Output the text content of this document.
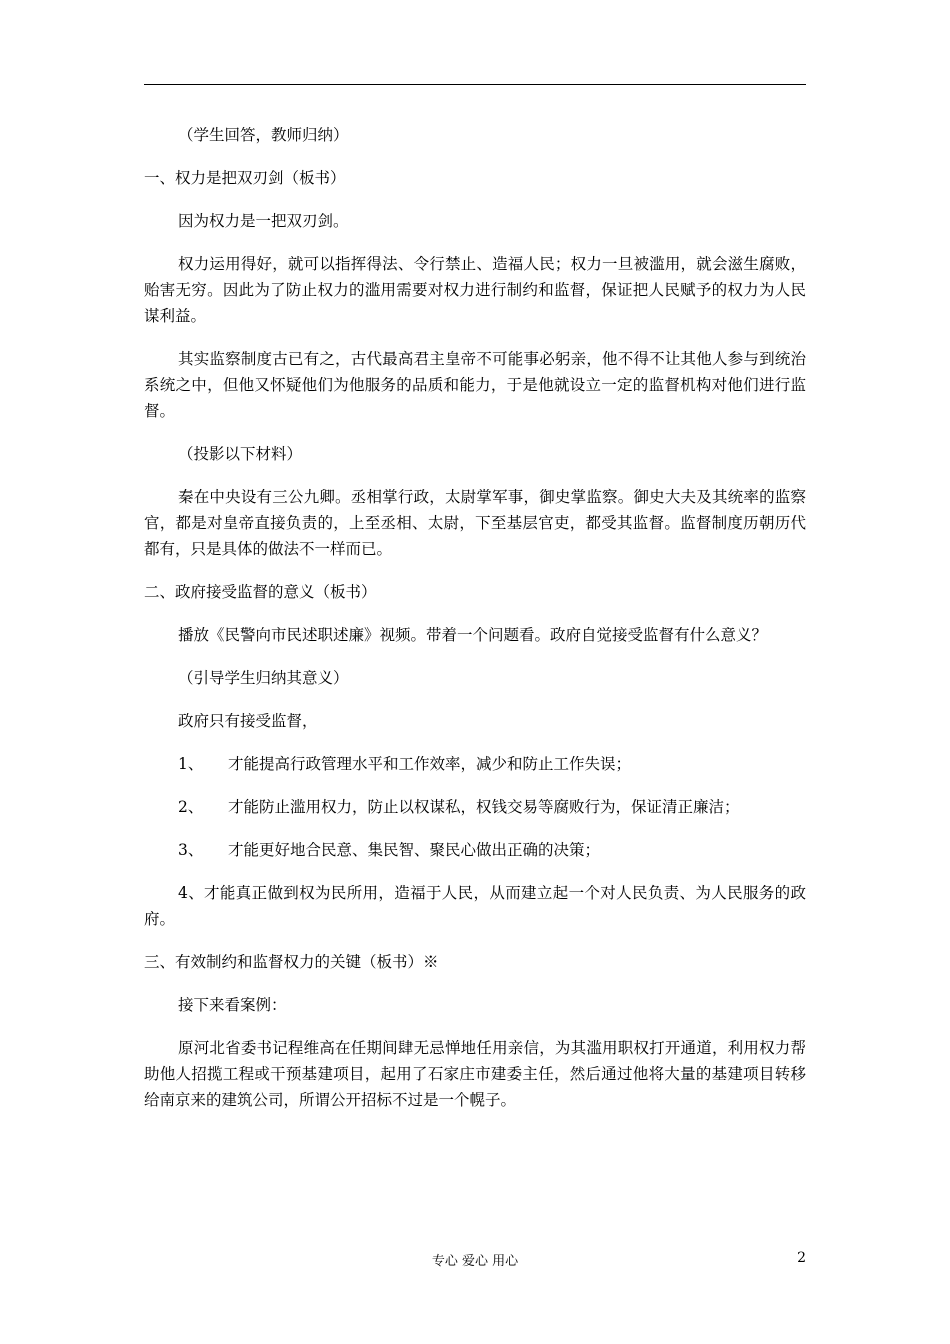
（学生回答，教师归纳）

一、权力是把双刃剑（板书）

因为权力是一把双刃剑。

权力运用得好，就可以指挥得法、令行禁止、造福人民；权力一旦被滥用，就会滋生腐败，贻害无穷。因此为了防止权力的滥用需要对权力进行制约和监督，保证把人民赋予的权力为人民谋利益。

其实监察制度古已有之，古代最高君主皇帝不可能事必躬亲，他不得不让其他人参与到统治系统之中，但他又怀疑他们为他服务的品质和能力，于是他就设立一定的监督机构对他们进行监督。

（投影以下材料）

秦在中央设有三公九卿。丞相掌行政，太尉掌军事，御史掌监察。御史大夫及其统率的监察官，都是对皇帝直接负责的，上至丞相、太尉，下至基层官吏，都受其监督。监督制度历朝历代都有，只是具体的做法不一样而已。

二、政府接受监督的意义（板书）

播放《民警向市民述职述廉》视频。带着一个问题看。政府自觉接受监督有什么意义？

（引导学生归纳其意义）

政府只有接受监督，

1、	才能提高行政管理水平和工作效率，减少和防止工作失误；

2、	才能防止滥用权力，防止以权谋私，权钱交易等腐败行为，保证清正廉洁；

3、	才能更好地合民意、集民智、聚民心做出正确的决策；

4、才能真正做到权为民所用，造福于人民，从而建立起一个对人民负责、为人民服务的政府。

三、有效制约和监督权力的关键（板书）※

接下来看案例：

原河北省委书记程维高在任期间肆无忌惮地任用亲信，为其滥用职权打开通道，利用权力帮助他人招揽工程或干预基建项目，起用了石家庄市建委主任，然后通过他将大量的基建项目转移给南京来的建筑公司，所谓公开招标不过是一个幌子。

专心 爱心 用心	2
